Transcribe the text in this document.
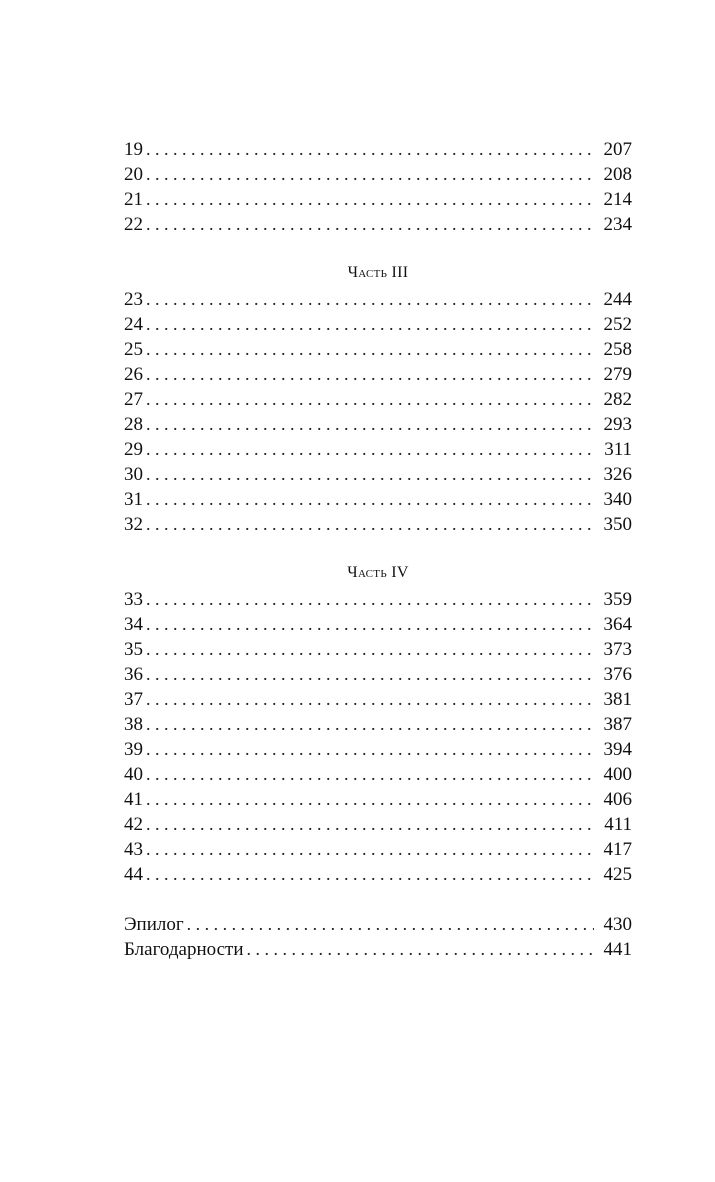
19 . . .	207
20 . . .	208
21 . . .	214
22 . . .	234
Часть III
23 . . .	244
24 . . .	252
25 . . .	258
26 . . .	279
27 . . .	282
28 . . .	293
29 . . .	311
30 . . .	326
31 . . .	340
32 . . .	350
Часть IV
33 . . .	359
34 . . .	364
35 . . .	373
36 . . .	376
37 . . .	381
38 . . .	387
39 . . .	394
40 . . .	400
41 . . .	406
42 . . .	411
43 . . .	417
44 . . .	425
Эпилог . . .	430
Благодарности . . .	441
